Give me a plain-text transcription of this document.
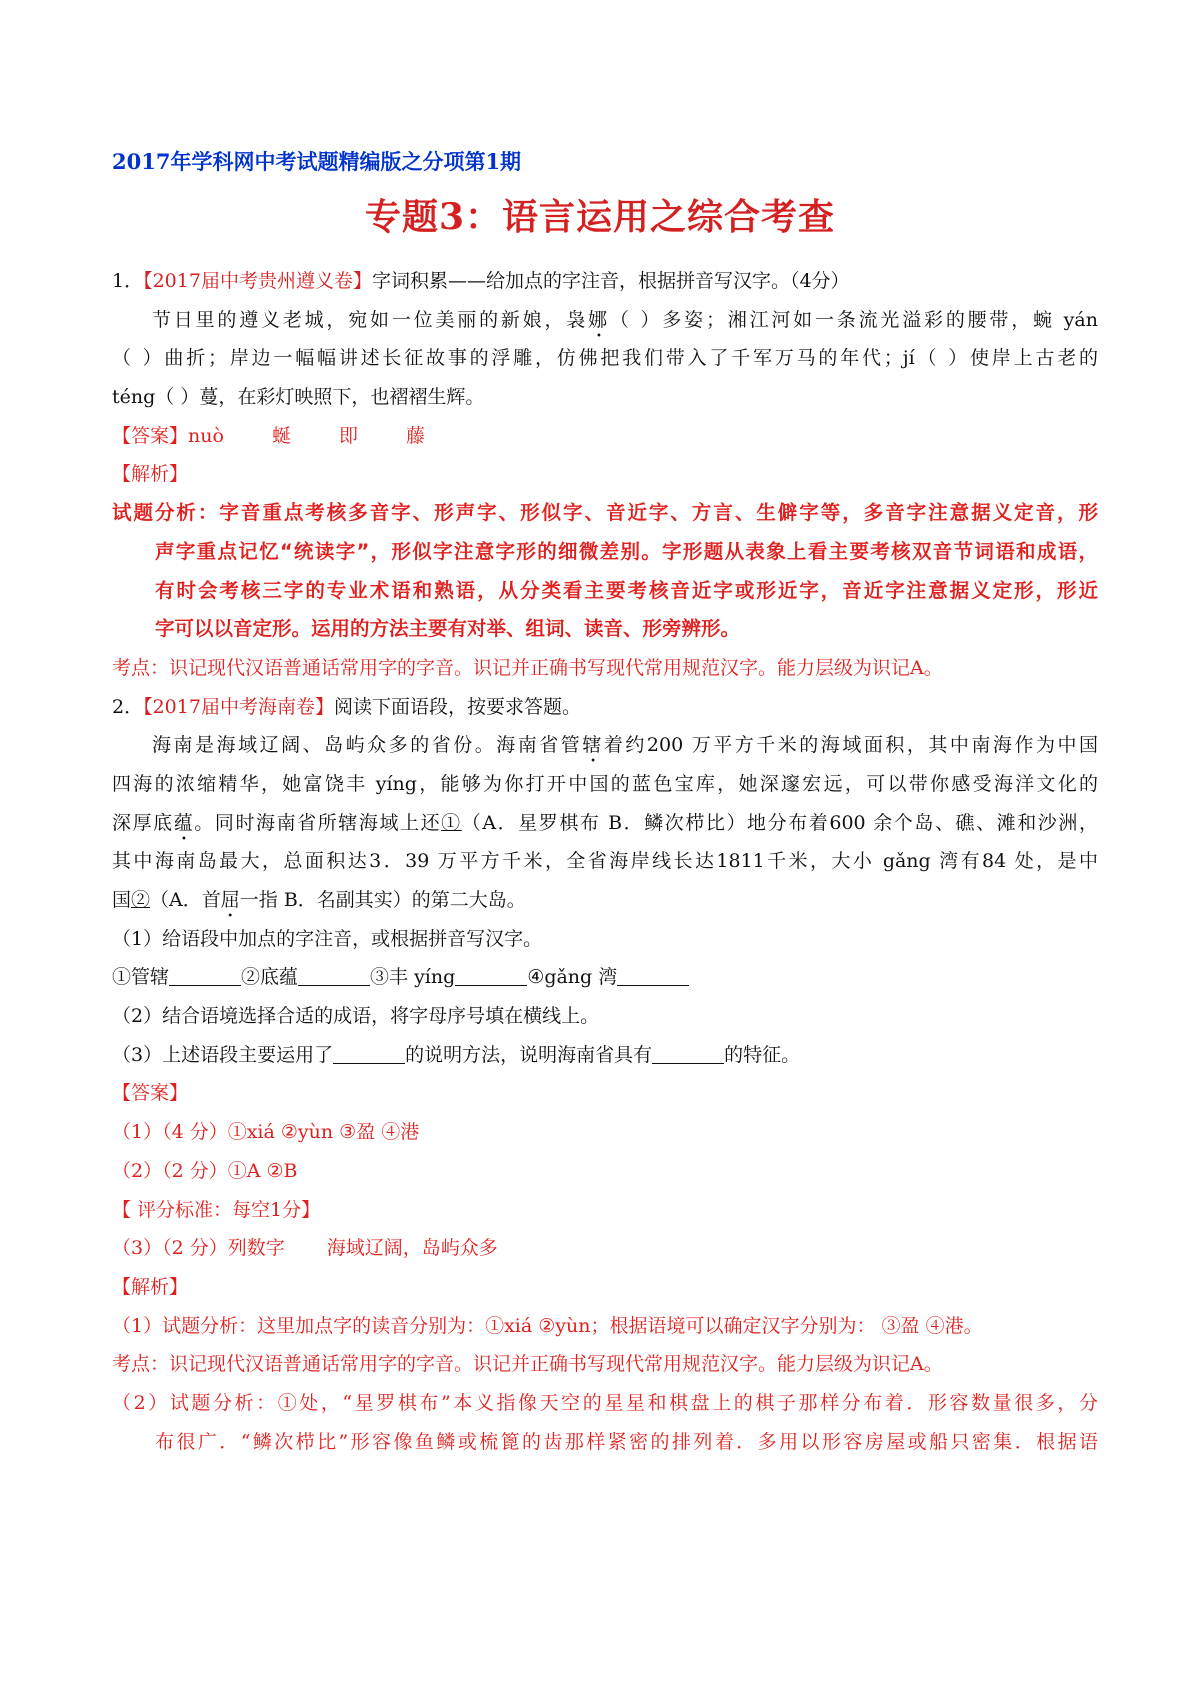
2017年学科网中考试题精编版之分项第1期
专题3：语言运用之综合考查
1．【2017届中考贵州遵义卷】字词积累——给加点的字注音，根据拼音写汉字。（4分）
节日里的遵义老城，宛如一位美丽的新娘，袅娜（ ）多姿；湘江河如一条流光溢彩的腰带，蜿 yán
（ ）曲折；岸边一幅幅讲述长征故事的浮雕，仿佛把我们带入了千军万马的年代；jí（ ）使岸上古老的
téng（ ）蔓，在彩灯映照下，也褶褶生辉。
【答案】nuò	蜒	即	藤
【解析】
试题分析：字音重点考核多音字、形声字、形似字、音近字、方言、生僻字等，多音字注意据义定音，形
声字重点记忆“统读字”，形似字注意字形的细微差别。字形题从表象上看主要考核双音节词语和成语，
有时会考核三字的专业术语和熟语，从分类看主要考核音近字或形近字，音近字注意据义定形，形近
字可以以音定形。运用的方法主要有对举、组词、读音、形旁辨形。
考点：识记现代汉语普通话常用字的字音。识记并正确书写现代常用规范汉字。能力层级为识记A。
2．【2017届中考海南卷】阅读下面语段，按要求答题。
海南是海域辽阔、岛屿众多的省份。海南省管辖着约200 万平方千米的海域面积，其中南海作为中国
四海的浓缩精华，她富饶丰 yíng，能够为你打开中国的蓝色宝库，她深邃宏远，可以带你感受海洋文化的
深厚底蕴。同时海南省所辖海域上还①（A．星罗棋布 B．鳞次栉比）地分布着600 余个岛、礁、滩和沙洲，
其中海南岛最大，总面积达3．39 万平方千米，全省海岸线长达1811千米，大小 gǎng 湾有84 处，是中
国②（A．首屈一指 B．名副其实）的第二大岛。
（1）给语段中加点的字注音，或根据拼音写汉字。
①管辖	②底蕴	③丰 yíng	④gǎng 湾
（2）结合语境选择合适的成语，将字母序号填在横线上。
（3）上述语段主要运用了	的说明方法，说明海南省具有	的特征。
【答案】
（1）（4 分）①xiá ②yùn ③盈 ④港
（2）（2 分）①A ②B
【 评分标准：每空1分】
（3）（2 分）列数字 海域辽阔，岛屿众多
【解析】
（1）试题分析：这里加点字的读音分别为：①xiá ②yùn；根据语境可以确定汉字分别为： ③盈 ④港。
考点：识记现代汉语普通话常用字的字音。识记并正确书写现代常用规范汉字。能力层级为识记A。
（2）试题分析：①处，“星罗棋布”本义指像天空的星星和棋盘上的棋子那样分布着．形容数量很多，分
布很广．“鳞次栉比”形容像鱼鳞或梳篦的齿那样紧密的排列着．多用以形容房屋或船只密集．根据语
